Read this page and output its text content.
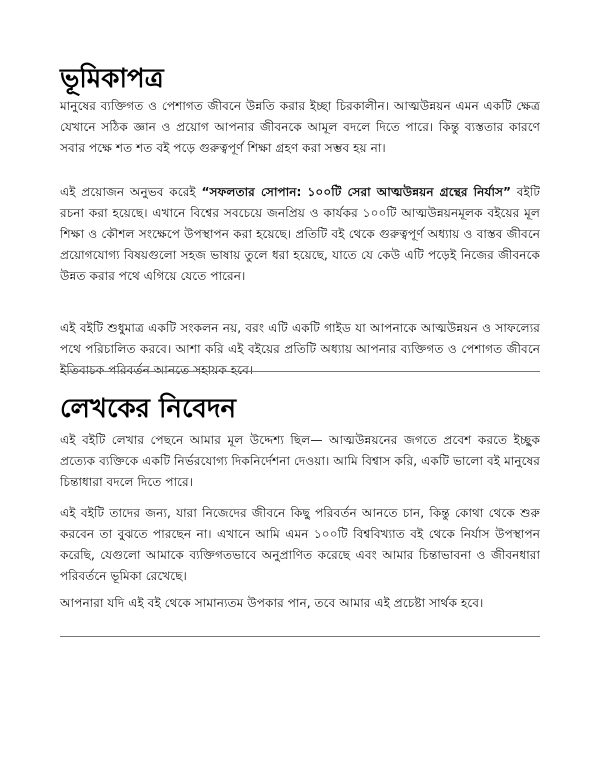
ভূমিকাপত্র

মানুষের ব্যক্তিগত ও পেশাগত জীবনে উন্নতি করার ইচ্ছা চিরকালীন। আত্মউন্নয়ন এমন একটি ক্ষেত্র যেখানে সঠিক জ্ঞান ও প্রয়োগ আপনার জীবনকে আমূল বদলে দিতে পারে। কিন্তু ব্যস্ততার কারণে সবার পক্ষে শত শত বই পড়ে গুরুত্বপূর্ণ শিক্ষা গ্রহণ করা সম্ভব হয় না।

এই প্রয়োজন অনুভব করেই “সফলতার সোপান: ১০০টি সেরা আত্মউন্নয়ন গ্রন্থের নির্যাস” বইটি রচনা করা হয়েছে। এখানে বিশ্বের সবচেয়ে জনপ্রিয় ও কার্যকর ১০০টি আত্মউন্নয়নমূলক বইয়ের মূল শিক্ষা ও কৌশল সংক্ষেপে উপস্থাপন করা হয়েছে। প্রতিটি বই থেকে গুরুত্বপূর্ণ অধ্যায় ও বাস্তব জীবনে প্রয়োগযোগ্য বিষয়গুলো সহজ ভাষায় তুলে ধরা হয়েছে, যাতে যে কেউ এটি পড়েই নিজের জীবনকে উন্নত করার পথে এগিয়ে যেতে পারেন।

এই বইটি শুধুমাত্র একটি সংকলন নয়, বরং এটি একটি গাইড যা আপনাকে আত্মউন্নয়ন ও সাফল্যের পথে পরিচালিত করবে। আশা করি এই বইয়ের প্রতিটি অধ্যায় আপনার ব্যক্তিগত ও পেশাগত জীবনে ইতিবাচক পরিবর্তন আনতে সহায়ক হবে।

লেখকের নিবেদন

এই বইটি লেখার পেছনে আমার মূল উদ্দেশ্য ছিল— আত্মউন্নয়নের জগতে প্রবেশ করতে ইচ্ছুক প্রত্যেক ব্যক্তিকে একটি নির্ভরযোগ্য দিকনির্দেশনা দেওয়া। আমি বিশ্বাস করি, একটি ভালো বই মানুষের চিন্তাধারা বদলে দিতে পারে।

এই বইটি তাদের জন্য, যারা নিজেদের জীবনে কিছু পরিবর্তন আনতে চান, কিন্তু কোথা থেকে শুরু করবেন তা বুঝতে পারছেন না। এখানে আমি এমন ১০০টি বিশ্ববিখ্যাত বই থেকে নির্যাস উপস্থাপন করেছি, যেগুলো আমাকে ব্যক্তিগতভাবে অনুপ্রাণিত করেছে এবং আমার চিন্তাভাবনা ও জীবনধারা পরিবর্তনে ভূমিকা রেখেছে।

আপনারা যদি এই বই থেকে সামান্যতম উপকার পান, তবে আমার এই প্রচেষ্টা সার্থক হবে।
